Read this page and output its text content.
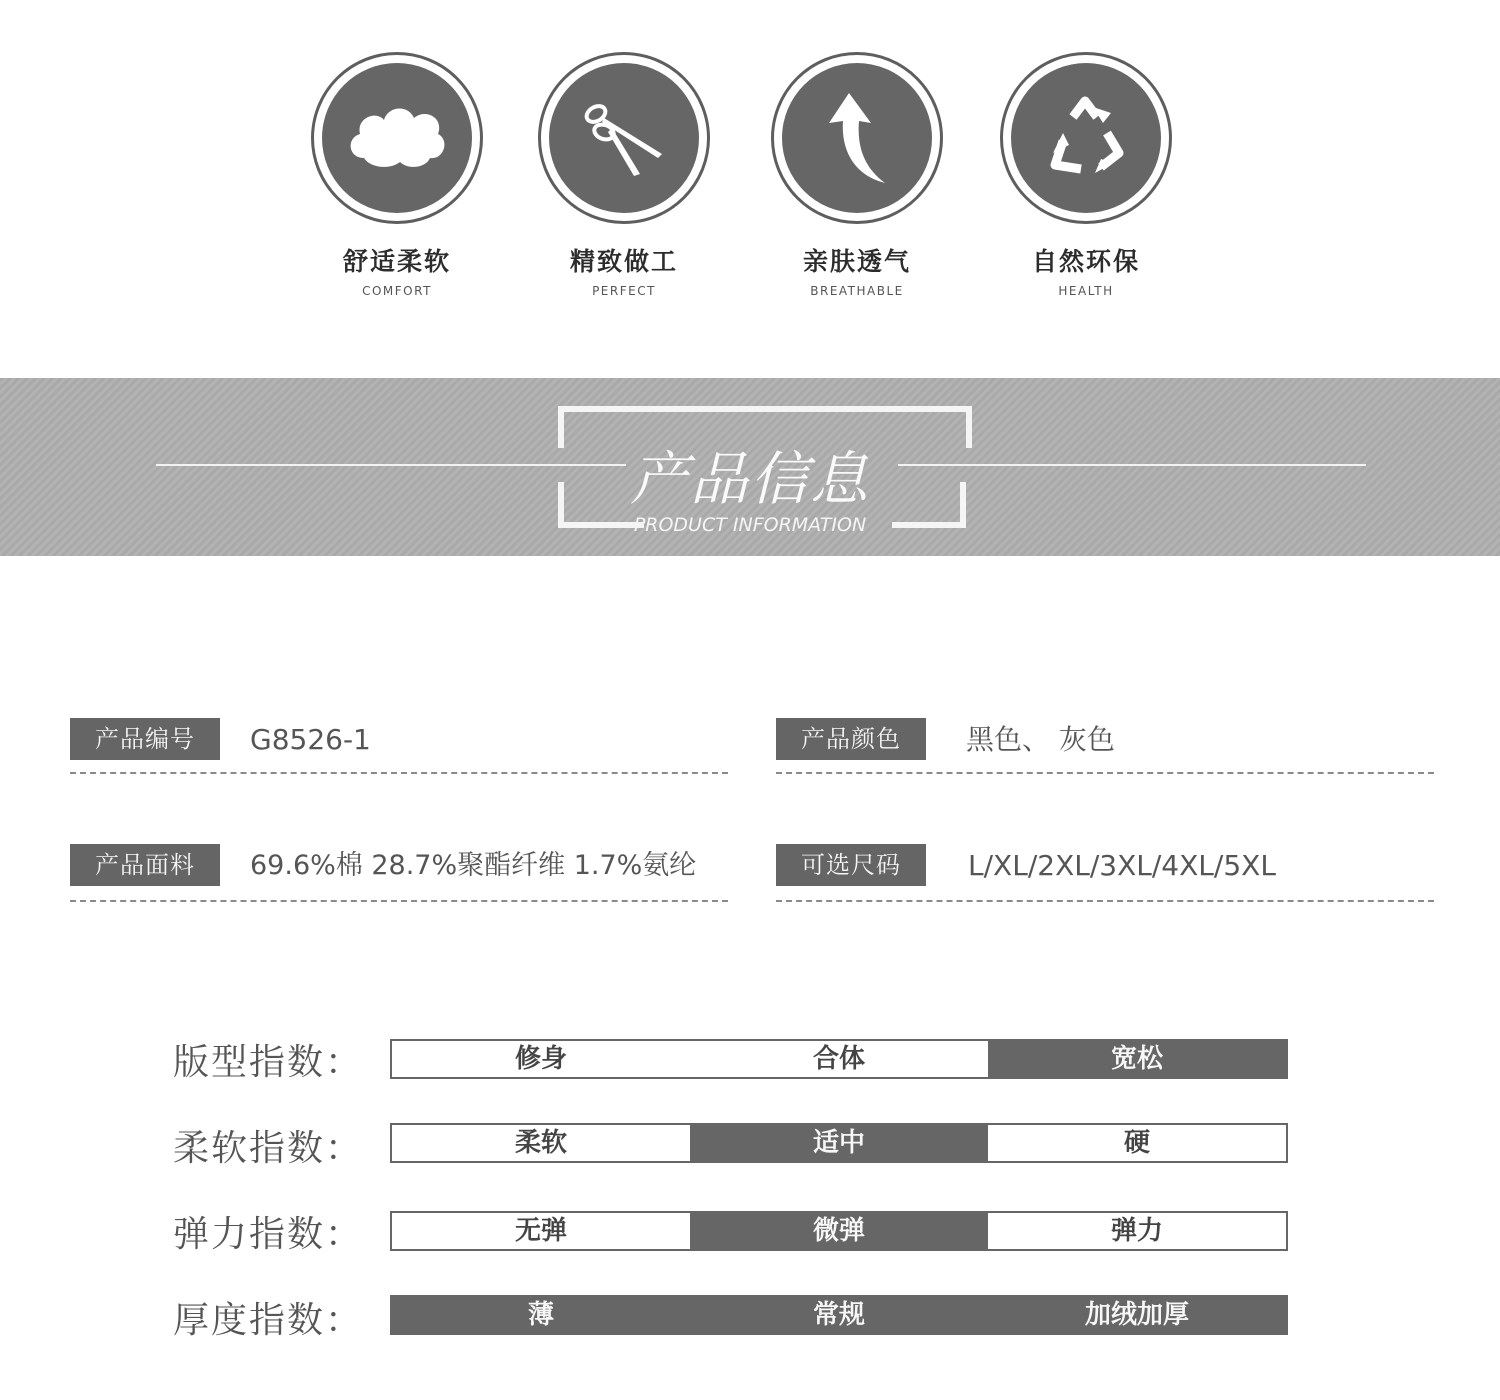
舒适柔软
COMFORT
精致做工
PERFECT
亲肤透气
BREATHABLE
自然环保
HEALTH
产品信息
PRODUCT INFORMATION
产品编号	G8526-1	产品颜色	黑色、 灰色
产品面料	69.6%棉 28.7%聚酯纤维 1.7%氨纶	可选尺码	L/XL/2XL/3XL/4XL/5XL
版型指数：	修身	合体	宽松
柔软指数：	柔软	适中	硬
弹力指数：	无弹	微弹	弹力
厚度指数：	薄	常规	加绒加厚
